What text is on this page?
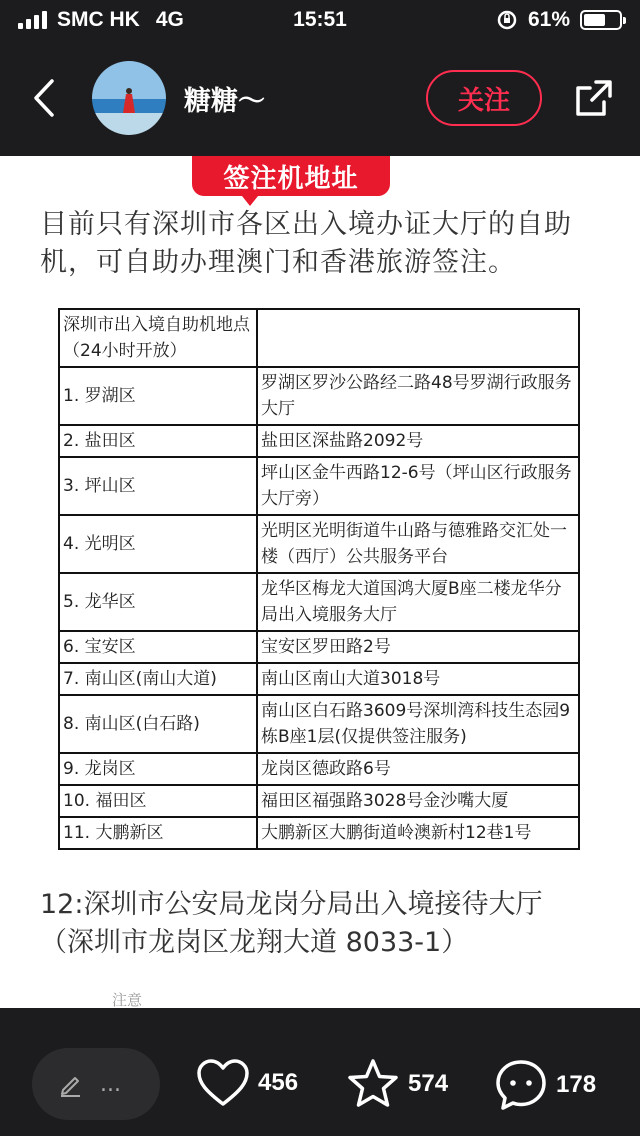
SMC HK 4G	15:51	61%
糖糖～	关注
签注机地址
目前只有深圳市各区出入境办证大厅的自助机，可自助办理澳门和香港旅游签注。
深圳市出入境自助机地点（24小时开放）	
1. 罗湖区	罗湖区罗沙公路经二路48号罗湖行政服务大厅
2. 盐田区	盐田区深盐路2092号
3. 坪山区	坪山区金牛西路12-6号（坪山区行政服务大厅旁）
4. 光明区	光明区光明街道牛山路与德雅路交汇处一楼（西厅）公共服务平台
5. 龙华区	龙华区梅龙大道国鸿大厦B座二楼龙华分局出入境服务大厅
6. 宝安区	宝安区罗田路2号
7. 南山区(南山大道)	南山区南山大道3018号
8. 南山区(白石路)	南山区白石路3609号深圳湾科技生态园9栋B座1层(仅提供签注服务)
9. 龙岗区	龙岗区德政路6号
10. 福田区	福田区福强路3028号金沙嘴大厦
11. 大鹏新区	大鹏新区大鹏街道岭澳新村12巷1号
注意
12:深圳市公安局龙岗分局出入境接待大厅
（深圳市龙岗区龙翔大道 8033-1）
...	456	574	178
